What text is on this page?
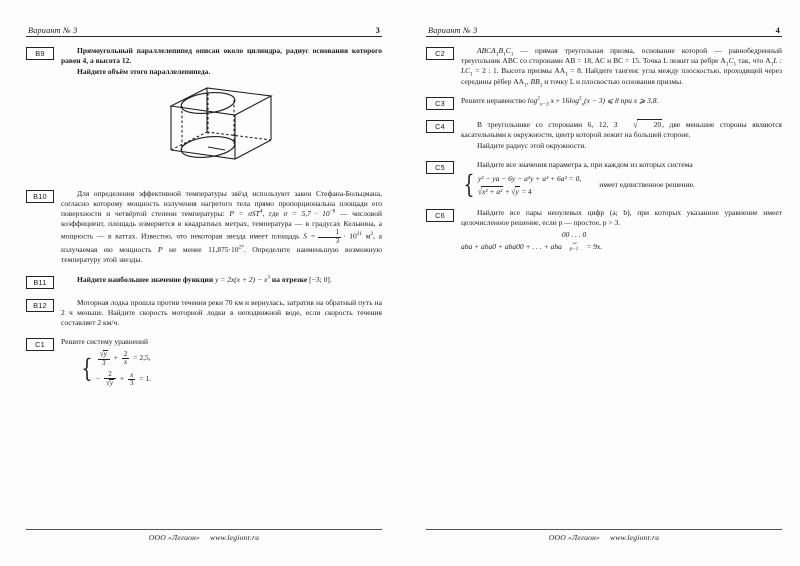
Вариант № 3	3
B9	Прямоугольный параллелепипед описан около цилиндра, радиус основания которого равен 4, а высота 12.

Найдите объём этого параллелепипеда.

B10	Для определения эффективной температуры звёзд используют закон Стефана-Больцмана, согласно которому мощность излучения нагретого тела прямо пропорциональна площади его поверхности и четвёртой степени температуры: P = σST$^4$, где $\sigma = 5,7 \cdot 10^{-8}$ — числовой коэффициент, площадь измеряется в квадратных метрах, температура — в градусах Кельвина, а мощность — в ваттах. Известно, что некоторая звезда имеет площадь $S = \frac{1}{3} \cdot 10^{21}$ $м^2$, а излучаемая ею мощность P не менее $11,875\cdot 10^{27}$. Определите наименьшую возможную температуру этой звезды.

B11	Найдите наибольшее значение функции $y = 2x(x + 2) - x^3$ на отрезке [−3; 0].

B12	Моторная лодка прошла против течения реки 70 км и вернулась, затратив на обратный путь на 2 ч меньше. Найдите скорость моторной лодки в неподвижной воде, если скорость течения составляет 2 км/ч.

C1	Решите систему уравнений

{ $\frac{√y}{3} + \frac{2}{x} = 2,5$,
− $\frac{2}{√y} + \frac{x}{3} = 1$.
ООО «Легион» www.legionr.ru
Вариант № 3	4
C2	$ABCA_1B_1C_1$ — прямая треугольная призма, основание которой — равнобедренный треугольник ABC со сторонами AB = 18, AC и BC = 15. Точка L лежит на ребре $A_1C_1$ так, что $A_1L$ : $LC_1 = 2$ : 1. Высота призмы $AA_1 = 8$. Найдите тангенс угла между плоскостью, проходящей через середины рёбер $AA_1$, $BB_1$ и точку L и плоскостью основания призмы.

C3	Решите неравенство $\log^2_{x-3} x + 16\log^2_x(x - 3)$ ⩽ 8 при x ⩾ 3,8.

C4	В треугольнике со сторонами 6, 12, 3 √ 20, две меньшие стороны являются касательными к окружности, центр которой лежит на большей стороне.

Найдите радиус этой окружности.

C5	Найдите все значения параметра a, при каждом из которых система

{ y² − ya − 6y − a²y + a³ + 6a² = 0,
√x² + a² + √y = 4
имеет единственное решение.
C6	Найдите все пары ненулевых цифр (a; b), при которых указанное уравнение имеет целочисленное решение, если p — простое, p > 3.

aba + aba0 + aba00 + . . . + aba00 . . . 0
⌣
p−1	= 9x.

ООО «Легион» www.legionr.ru
